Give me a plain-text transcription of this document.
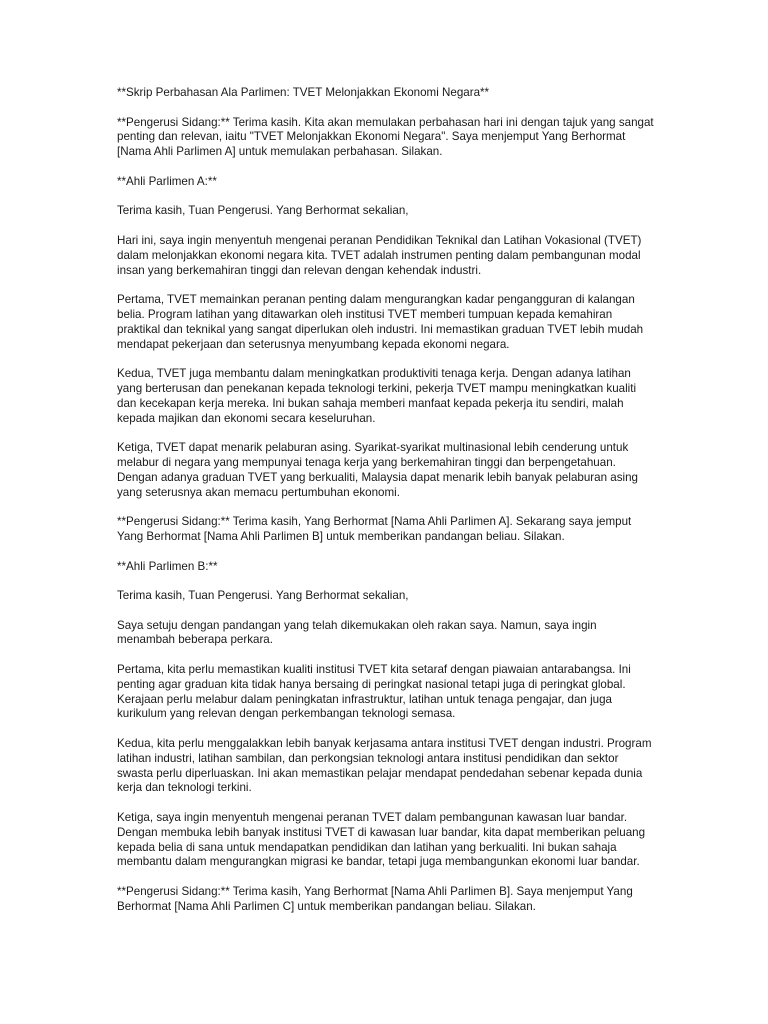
**Skrip Perbahasan Ala Parlimen: TVET Melonjakkan Ekonomi Negara**

**Pengerusi Sidang:** Terima kasih. Kita akan memulakan perbahasan hari ini dengan tajuk yang sangat penting dan relevan, iaitu "TVET Melonjakkan Ekonomi Negara". Saya menjemput Yang Berhormat [Nama Ahli Parlimen A] untuk memulakan perbahasan. Silakan.

**Ahli Parlimen A:**

Terima kasih, Tuan Pengerusi. Yang Berhormat sekalian,

Hari ini, saya ingin menyentuh mengenai peranan Pendidikan Teknikal dan Latihan Vokasional (TVET) dalam melonjakkan ekonomi negara kita. TVET adalah instrumen penting dalam pembangunan modal insan yang berkemahiran tinggi dan relevan dengan kehendak industri.

Pertama, TVET memainkan peranan penting dalam mengurangkan kadar pengangguran di kalangan belia. Program latihan yang ditawarkan oleh institusi TVET memberi tumpuan kepada kemahiran praktikal dan teknikal yang sangat diperlukan oleh industri. Ini memastikan graduan TVET lebih mudah mendapat pekerjaan dan seterusnya menyumbang kepada ekonomi negara.

Kedua, TVET juga membantu dalam meningkatkan produktiviti tenaga kerja. Dengan adanya latihan yang berterusan dan penekanan kepada teknologi terkini, pekerja TVET mampu meningkatkan kualiti dan kecekapan kerja mereka. Ini bukan sahaja memberi manfaat kepada pekerja itu sendiri, malah kepada majikan dan ekonomi secara keseluruhan.

Ketiga, TVET dapat menarik pelaburan asing. Syarikat-syarikat multinasional lebih cenderung untuk melabur di negara yang mempunyai tenaga kerja yang berkemahiran tinggi dan berpengetahuan. Dengan adanya graduan TVET yang berkualiti, Malaysia dapat menarik lebih banyak pelaburan asing yang seterusnya akan memacu pertumbuhan ekonomi.

**Pengerusi Sidang:** Terima kasih, Yang Berhormat [Nama Ahli Parlimen A]. Sekarang saya jemput Yang Berhormat [Nama Ahli Parlimen B] untuk memberikan pandangan beliau. Silakan.

**Ahli Parlimen B:**

Terima kasih, Tuan Pengerusi. Yang Berhormat sekalian,

Saya setuju dengan pandangan yang telah dikemukakan oleh rakan saya. Namun, saya ingin menambah beberapa perkara.

Pertama, kita perlu memastikan kualiti institusi TVET kita setaraf dengan piawaian antarabangsa. Ini penting agar graduan kita tidak hanya bersaing di peringkat nasional tetapi juga di peringkat global. Kerajaan perlu melabur dalam peningkatan infrastruktur, latihan untuk tenaga pengajar, dan juga kurikulum yang relevan dengan perkembangan teknologi semasa.

Kedua, kita perlu menggalakkan lebih banyak kerjasama antara institusi TVET dengan industri. Program latihan industri, latihan sambilan, dan perkongsian teknologi antara institusi pendidikan dan sektor swasta perlu diperluaskan. Ini akan memastikan pelajar mendapat pendedahan sebenar kepada dunia kerja dan teknologi terkini.

Ketiga, saya ingin menyentuh mengenai peranan TVET dalam pembangunan kawasan luar bandar. Dengan membuka lebih banyak institusi TVET di kawasan luar bandar, kita dapat memberikan peluang kepada belia di sana untuk mendapatkan pendidikan dan latihan yang berkualiti. Ini bukan sahaja membantu dalam mengurangkan migrasi ke bandar, tetapi juga membangunkan ekonomi luar bandar.

**Pengerusi Sidang:** Terima kasih, Yang Berhormat [Nama Ahli Parlimen B]. Saya menjemput Yang Berhormat [Nama Ahli Parlimen C] untuk memberikan pandangan beliau. Silakan.
